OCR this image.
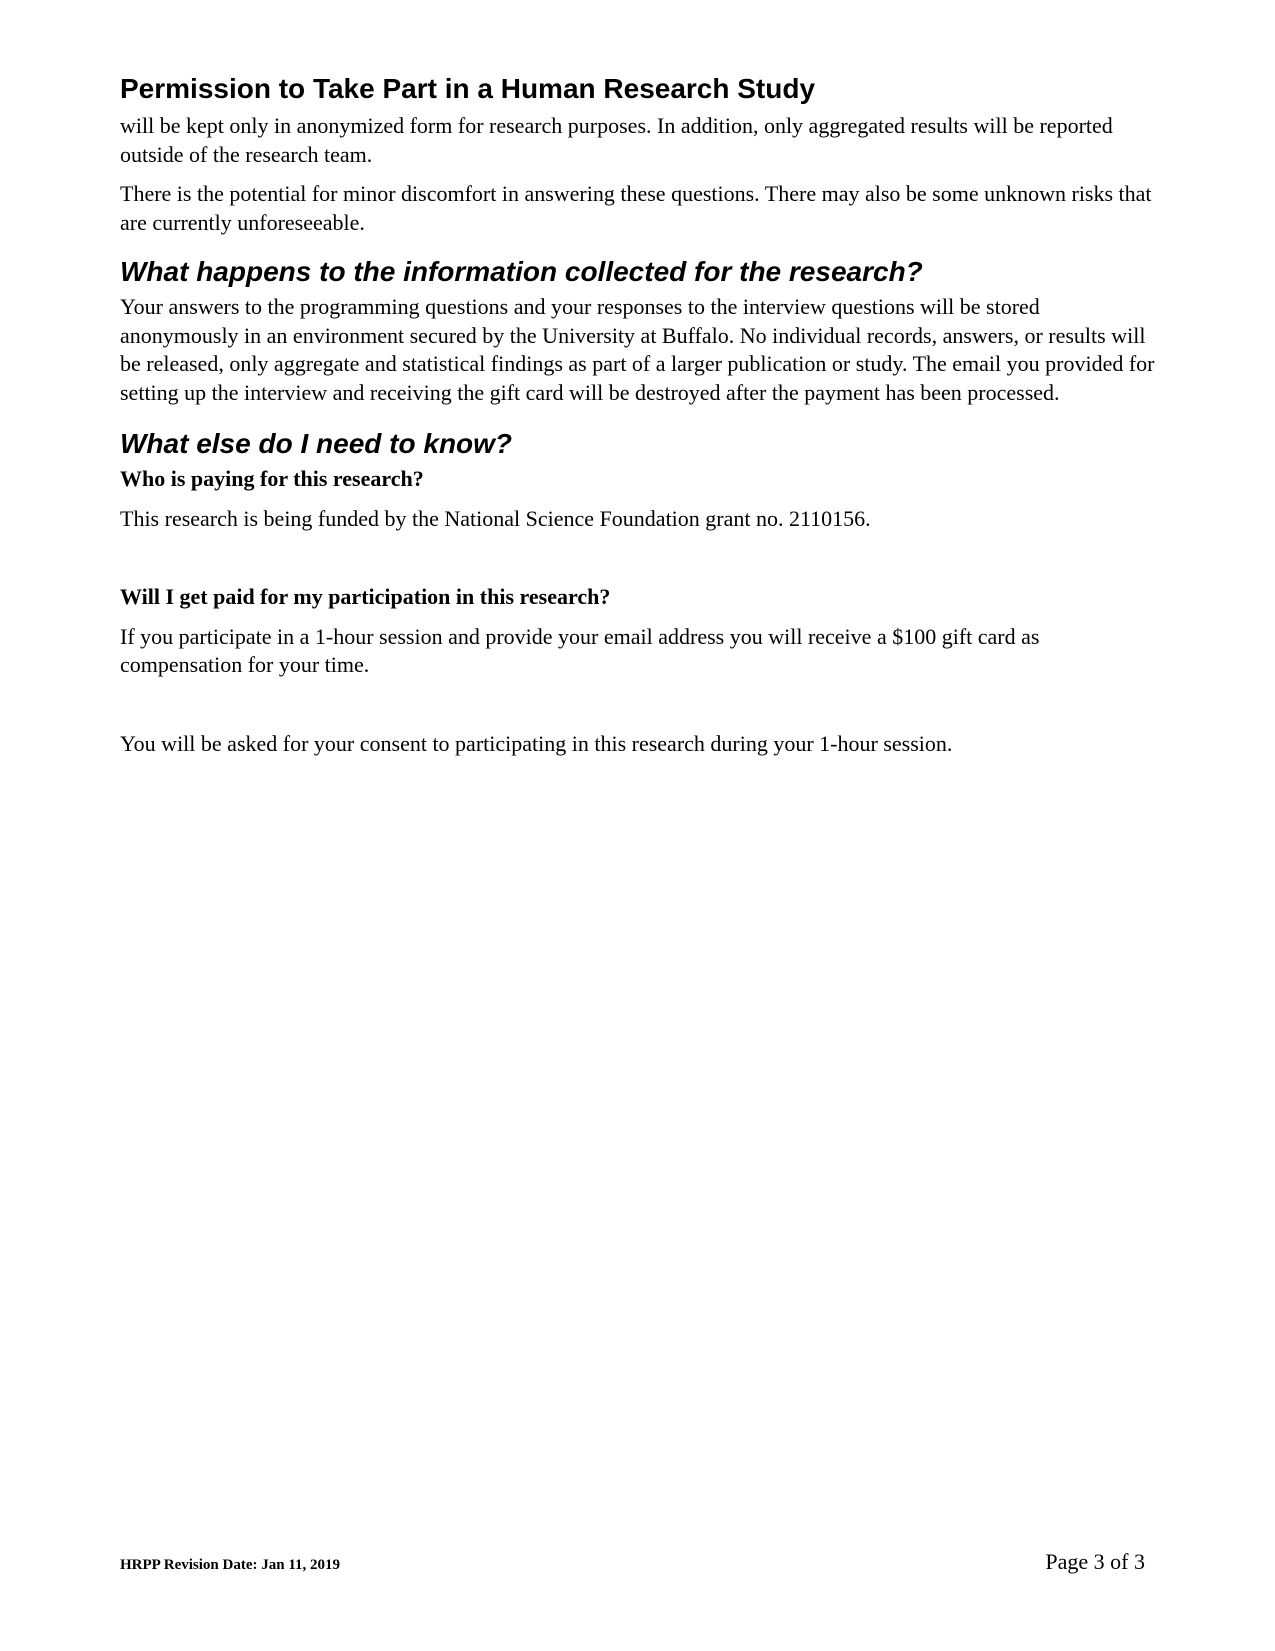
Permission to Take Part in a Human Research Study

will be kept only in anonymized form for research purposes. In addition, only aggregated results will be reported outside of the research team.

There is the potential for minor discomfort in answering these questions. There may also be some unknown risks that are currently unforeseeable.

What happens to the information collected for the research?

Your answers to the programming questions and your responses to the interview questions will be stored anonymously in an environment secured by the University at Buffalo. No individual records, answers, or results will be released, only aggregate and statistical findings as part of a larger publication or study. The email you provided for setting up the interview and receiving the gift card will be destroyed after the payment has been processed.

What else do I need to know?

Who is paying for this research?

This research is being funded by the National Science Foundation grant no. 2110156.

Will I get paid for my participation in this research?

If you participate in a 1-hour session and provide your email address you will receive a $100 gift card as compensation for your time.

You will be asked for your consent to participating in this research during your 1-hour session.

HRPP Revision Date: Jan 11, 2019	Page 3 of 3
